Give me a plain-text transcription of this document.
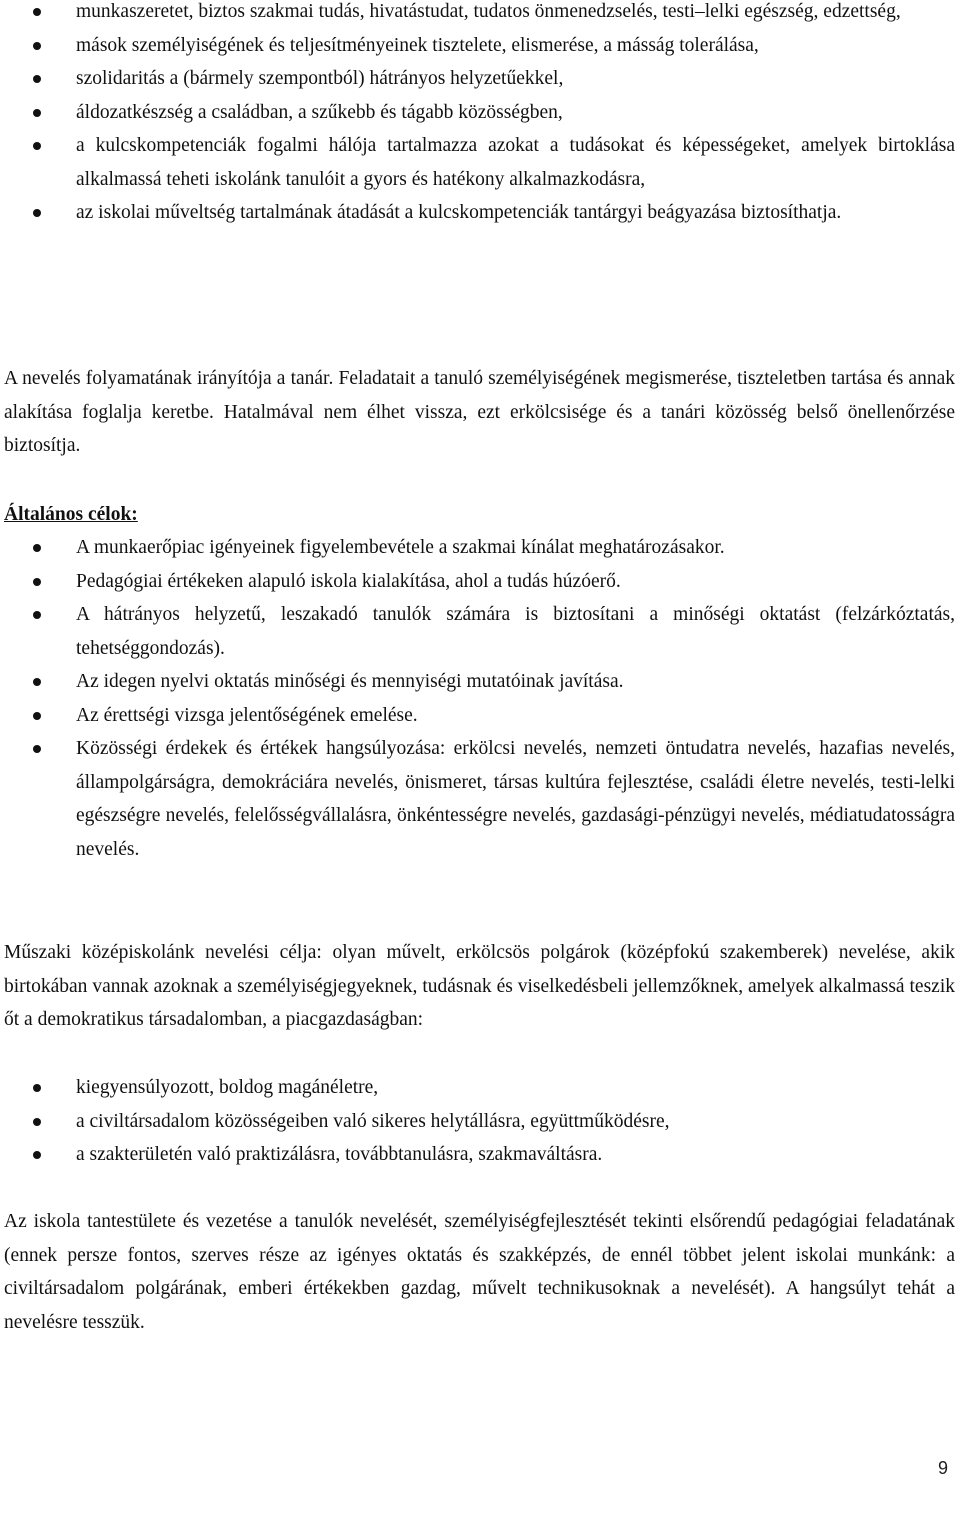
munkaszeretet, biztos szakmai tudás, hivatástudat, tudatos önmenedzselés, testi–lelki egészség, edzettség,
mások személyiségének és teljesítményeinek tisztelete, elismerése, a másság tolerálása,
szolidaritás a (bármely szempontból) hátrányos helyzetűekkel,
áldozatkészség a családban, a szűkebb és tágabb közösségben,
a kulcskompetenciák fogalmi hálója tartalmazza azokat a tudásokat és képességeket, amelyek birtoklása alkalmassá teheti iskolánk tanulóit a gyors és hatékony alkalmazkodásra,
az iskolai műveltség tartalmának átadását a kulcskompetenciák tantárgyi beágyazása biztosíthatja.

A nevelés folyamatának irányítója a tanár. Feladatait a tanuló személyiségének megismerése, tiszteletben tartása és annak alakítása foglalja keretbe. Hatalmával nem élhet vissza, ezt erkölcsisége és a tanári közösség belső önellenőrzése biztosítja.

Általános célok:
A munkaerőpiac igényeinek figyelembevétele a szakmai kínálat meghatározásakor.
Pedagógiai értékeken alapuló iskola kialakítása, ahol a tudás húzóerő.
A hátrányos helyzetű, leszakadó tanulók számára is biztosítani a minőségi oktatást (felzárkóztatás, tehetséggondozás).
Az idegen nyelvi oktatás minőségi és mennyiségi mutatóinak javítása.
Az érettségi vizsga jelentőségének emelése.
Közösségi érdekek és értékek hangsúlyozása: erkölcsi nevelés, nemzeti öntudatra nevelés, hazafias nevelés, állampolgárságra, demokráciára nevelés, önismeret, társas kultúra fejlesztése, családi életre nevelés, testi-lelki egészségre nevelés, felelősségvállalásra, önkéntességre nevelés, gazdasági-pénzügyi nevelés, médiatudatosságra nevelés.

Műszaki középiskolánk nevelési célja: olyan művelt, erkölcsös polgárok (középfokú szakemberek) nevelése, akik birtokában vannak azoknak a személyiségjegyeknek, tudásnak és viselkedésbeli jellemzőknek, amelyek alkalmassá teszik őt a demokratikus társadalomban, a piacgazdaságban:

kiegyensúlyozott, boldog magánéletre,
a civiltársadalom közösségeiben való sikeres helytállásra, együttműködésre,
a szakterületén való praktizálásra, továbbtanulásra, szakmaváltásra.

Az iskola tantestülete és vezetése a tanulók nevelését, személyiségfejlesztését tekinti elsőrendű pedagógiai feladatának (ennek persze fontos, szerves része az igényes oktatás és szakképzés, de ennél többet jelent iskolai munkánk: a civiltársadalom polgárának, emberi értékekben gazdag, művelt technikusoknak a nevelését). A hangsúlyt tehát a nevelésre tesszük.

9
